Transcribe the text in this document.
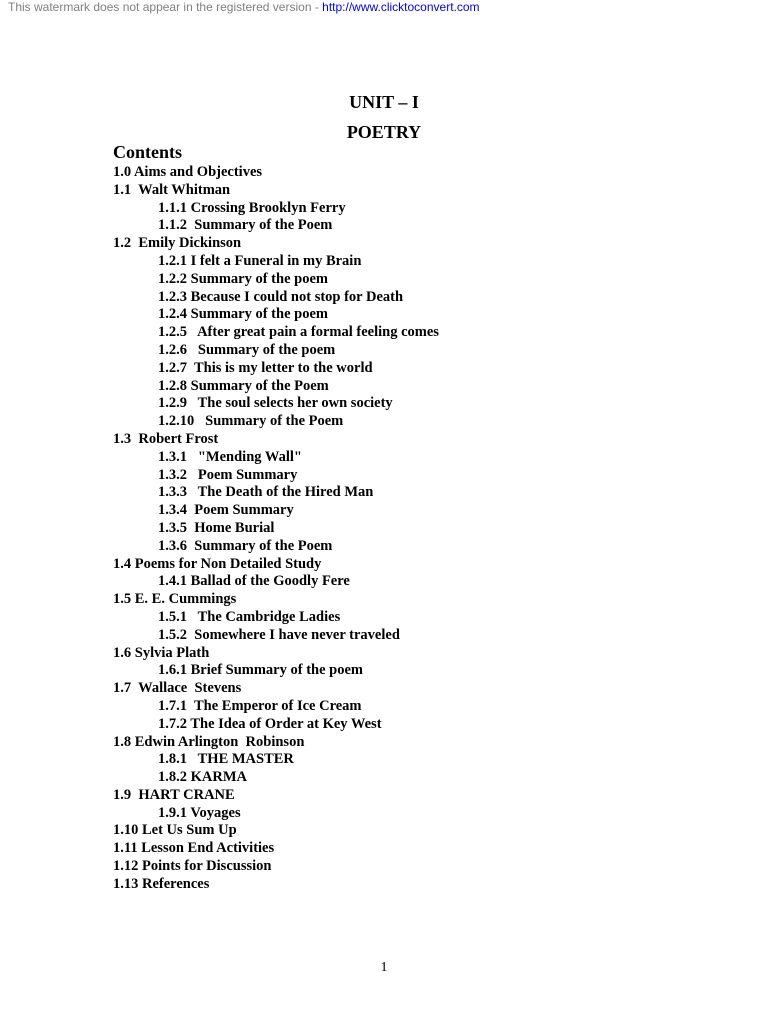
This watermark does not appear in the registered version - http://www.clicktoconvert.com
UNIT – I
POETRY
Contents
1.0 Aims and Objectives
1.1  Walt Whitman
1.1.1 Crossing Brooklyn Ferry
1.1.2  Summary of the Poem
1.2  Emily Dickinson
1.2.1 I felt a Funeral in my Brain
1.2.2 Summary of the poem
1.2.3 Because I could not stop for Death
1.2.4 Summary of the poem
1.2.5   After great pain a formal feeling comes
1.2.6   Summary of the poem
1.2.7  This is my letter to the world
1.2.8 Summary of the Poem
1.2.9   The soul selects her own society
1.2.10   Summary of the Poem
1.3  Robert Frost
1.3.1   "Mending Wall"
1.3.2   Poem Summary
1.3.3   The Death of the Hired Man
1.3.4  Poem Summary
1.3.5  Home Burial
1.3.6  Summary of the Poem
1.4 Poems for Non Detailed Study
1.4.1 Ballad of the Goodly Fere
1.5 E. E. Cummings
1.5.1   The Cambridge Ladies
1.5.2  Somewhere I have never traveled
1.6 Sylvia Plath
1.6.1 Brief Summary of the poem
1.7  Wallace  Stevens
1.7.1  The Emperor of Ice Cream
1.7.2 The Idea of Order at Key West
1.8 Edwin Arlington  Robinson
1.8.1   THE MASTER
1.8.2 KARMA
1.9  HART CRANE
1.9.1 Voyages
1.10 Let Us Sum Up
1.11 Lesson End Activities
1.12 Points for Discussion
1.13 References
1
